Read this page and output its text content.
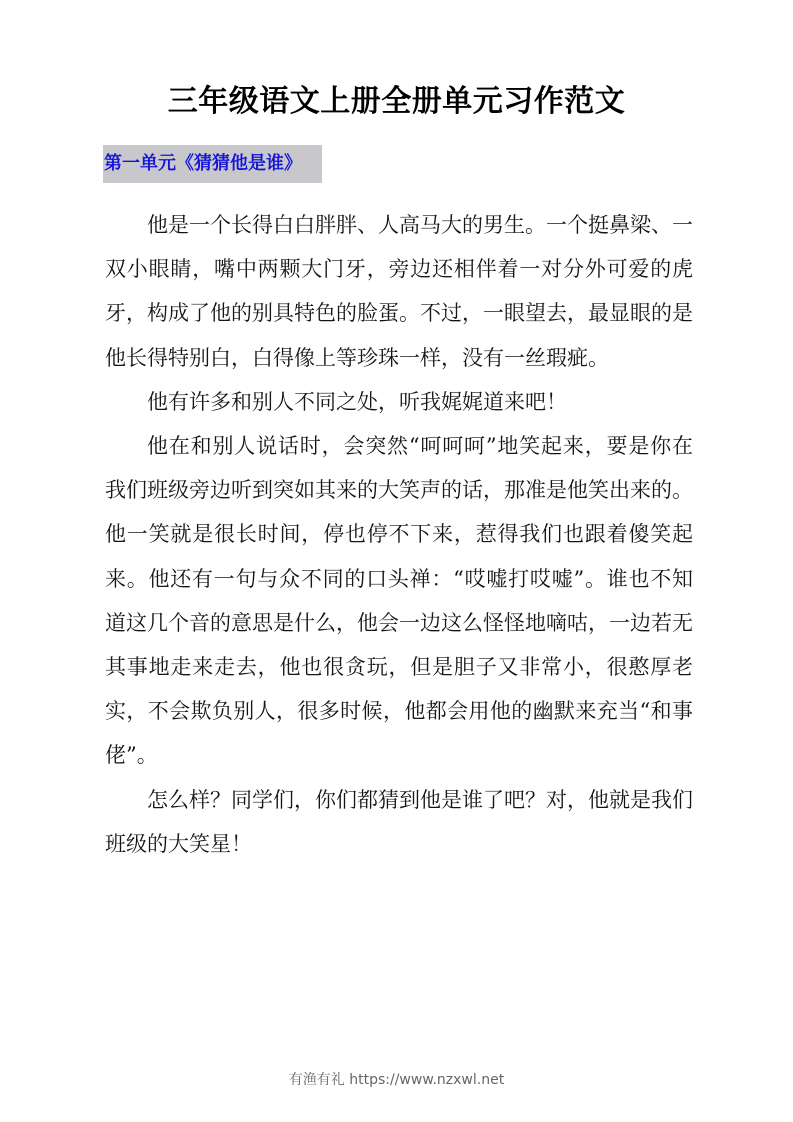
三年级语文上册全册单元习作范文
第一单元《猜猜他是谁》

他是一个长得白白胖胖、人高马大的男生。一个挺鼻梁、一双小眼睛，嘴中两颗大门牙，旁边还相伴着一对分外可爱的虎牙，构成了他的别具特色的脸蛋。不过，一眼望去，最显眼的是他长得特别白，白得像上等珍珠一样，没有一丝瑕疵。

他有许多和别人不同之处，听我娓娓道来吧！

他在和别人说话时，会突然“呵呵呵”地笑起来，要是你在我们班级旁边听到突如其来的大笑声的话，那准是他笑出来的。他一笑就是很长时间，停也停不下来，惹得我们也跟着傻笑起来。他还有一句与众不同的口头禅：“哎嘘打哎嘘”。谁也不知道这几个音的意思是什么，他会一边这么怪怪地嘀咕，一边若无其事地走来走去，他也很贪玩，但是胆子又非常小，很憨厚老实，不会欺负别人，很多时候，他都会用他的幽默来充当“和事佬”。

怎么样？同学们，你们都猜到他是谁了吧？对，他就是我们班级的大笑星！

有渔有礼 https://www.nzxwl.net
